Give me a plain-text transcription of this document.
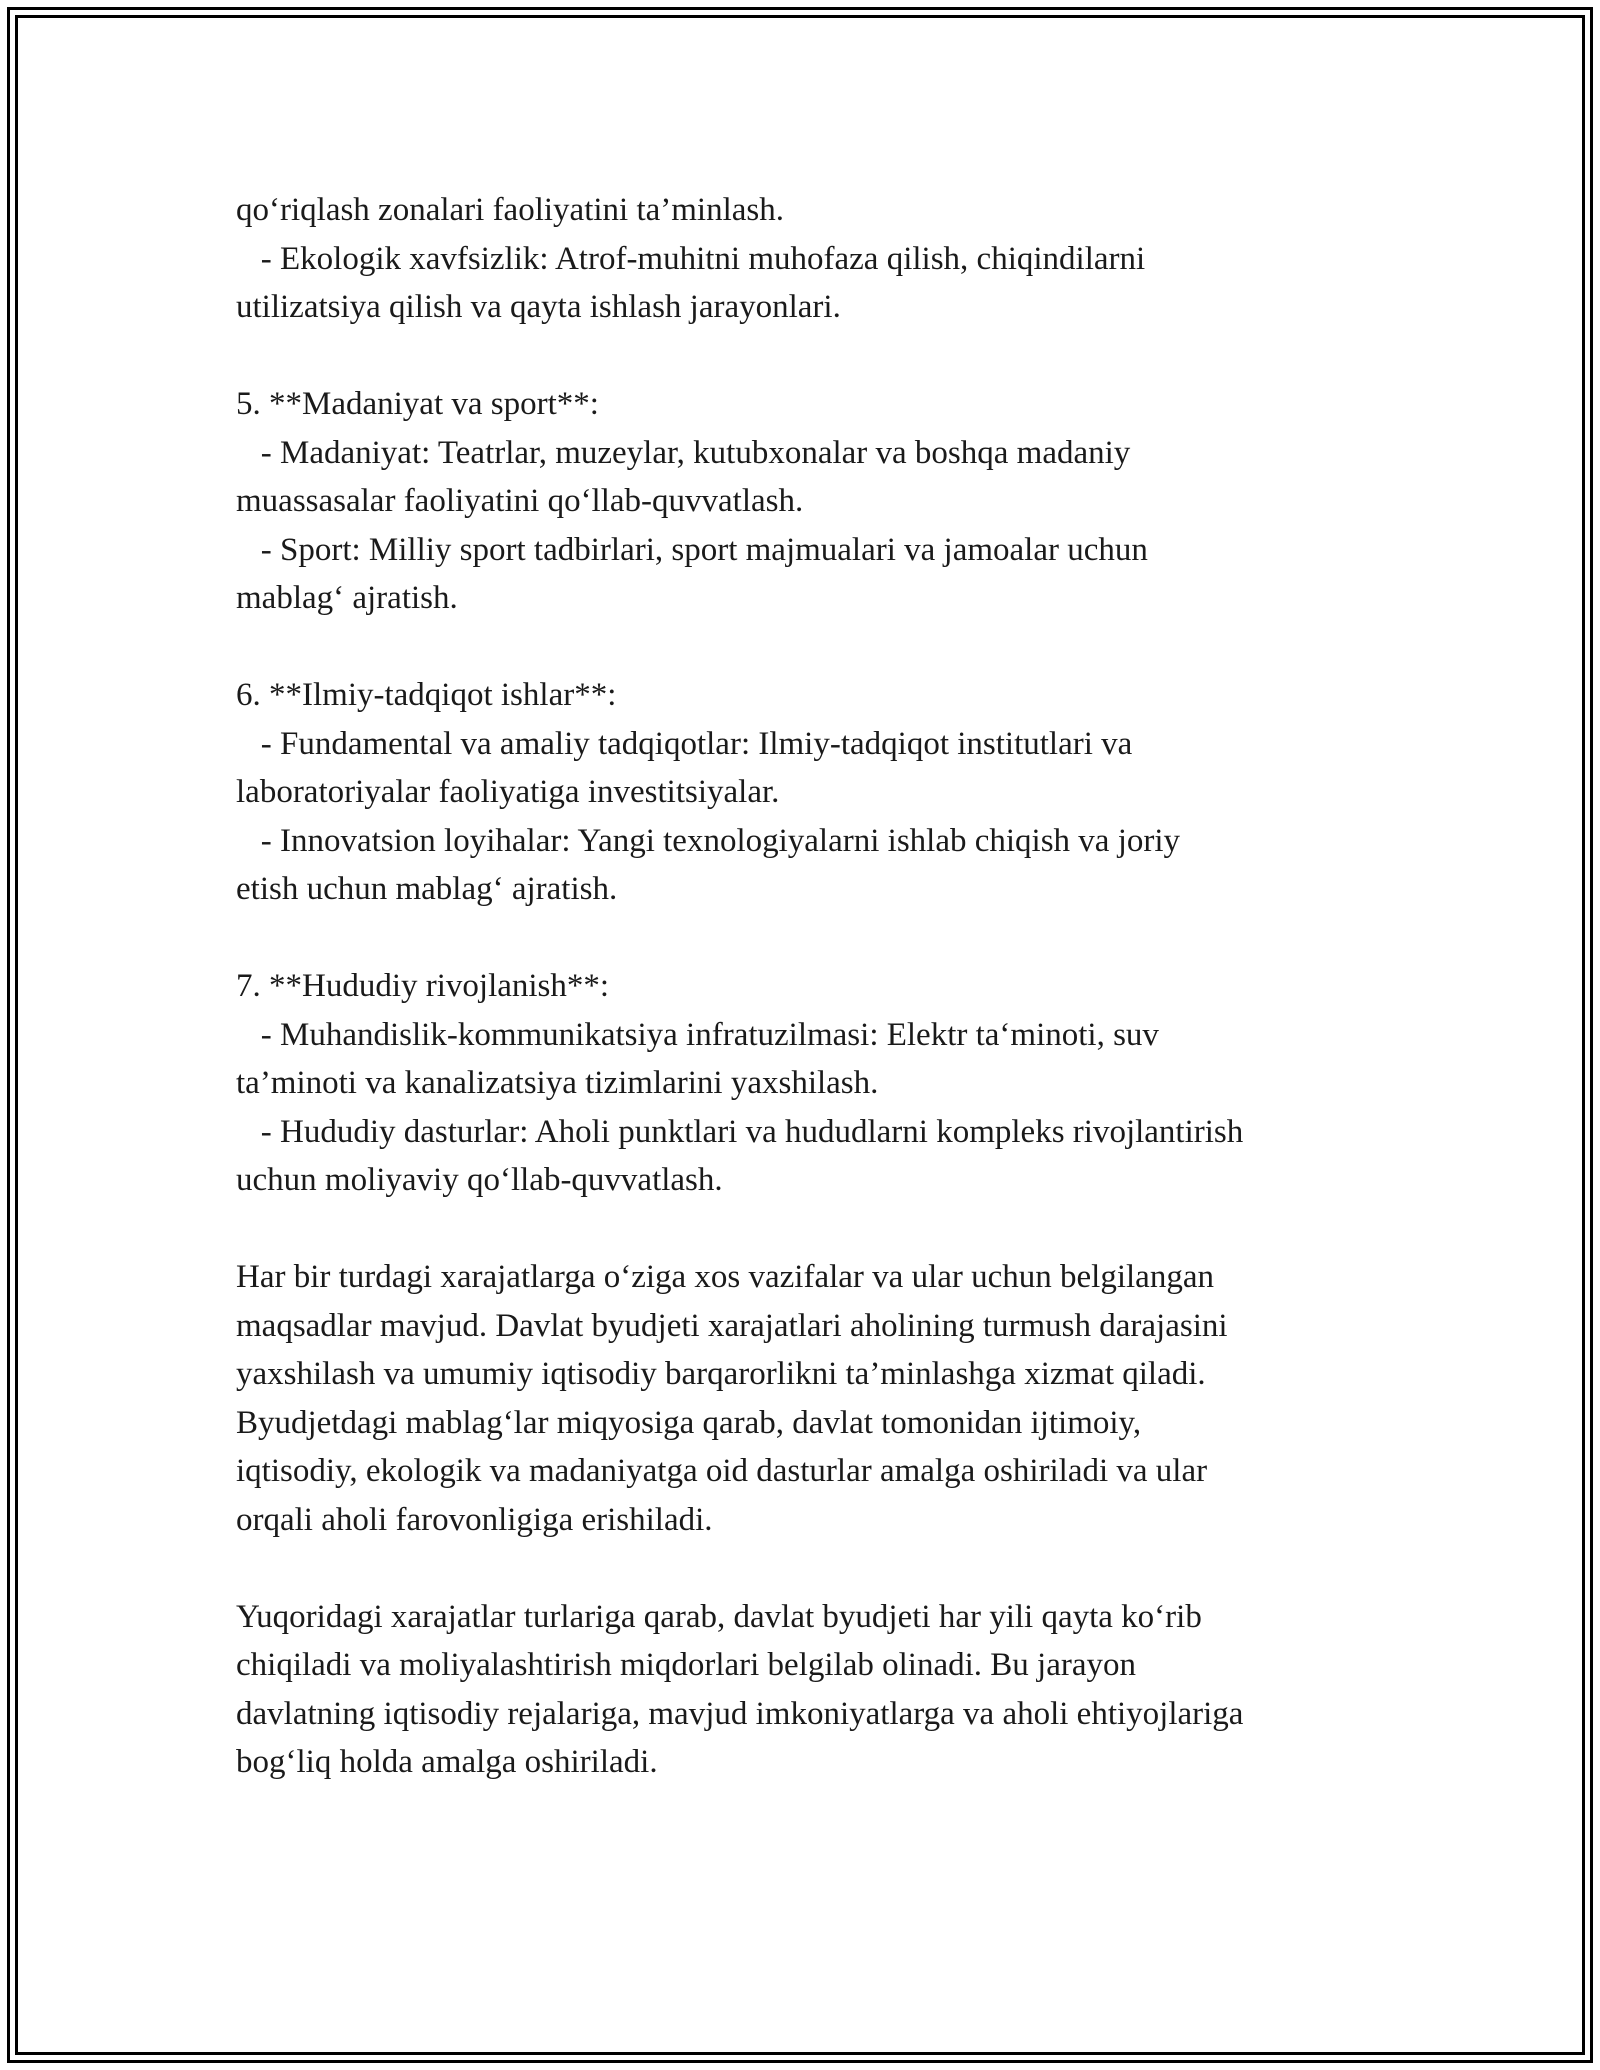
qo‘riqlash zonalari faoliyatini ta’minlash.

- Ekologik xavfsizlik: Atrof-muhitni muhofaza qilish, chiqindilarni

utilizatsiya qilish va qayta ishlash jarayonlari.

5. **Madaniyat va sport**:

- Madaniyat: Teatrlar, muzeylar, kutubxonalar va boshqa madaniy

muassasalar faoliyatini qo‘llab-quvvatlash.

- Sport: Milliy sport tadbirlari, sport majmualari va jamoalar uchun

mablag‘ ajratish.

6. **Ilmiy-tadqiqot ishlar**:

- Fundamental va amaliy tadqiqotlar: Ilmiy-tadqiqot institutlari va

laboratoriyalar faoliyatiga investitsiyalar.

- Innovatsion loyihalar: Yangi texnologiyalarni ishlab chiqish va joriy

etish uchun mablag‘ ajratish.

7. **Hududiy rivojlanish**:

- Muhandislik-kommunikatsiya infratuzilmasi: Elektr ta‘minoti, suv

ta’minoti va kanalizatsiya tizimlarini yaxshilash.

- Hududiy dasturlar: Aholi punktlari va hududlarni kompleks rivojlantirish

uchun moliyaviy qo‘llab-quvvatlash.

Har bir turdagi xarajatlarga o‘ziga xos vazifalar va ular uchun belgilangan

maqsadlar mavjud. Davlat byudjeti xarajatlari aholining turmush darajasini

yaxshilash va umumiy iqtisodiy barqarorlikni ta’minlashga xizmat qiladi.

Byudjetdagi mablag‘lar miqyosiga qarab, davlat tomonidan ijtimoiy,

iqtisodiy, ekologik va madaniyatga oid dasturlar amalga oshiriladi va ular

orqali aholi farovonligiga erishiladi.

Yuqoridagi xarajatlar turlariga qarab, davlat byudjeti har yili qayta ko‘rib

chiqiladi va moliyalashtirish miqdorlari belgilab olinadi. Bu jarayon

davlatning iqtisodiy rejalariga, mavjud imkoniyatlarga va aholi ehtiyojlariga

bog‘liq holda amalga oshiriladi.
